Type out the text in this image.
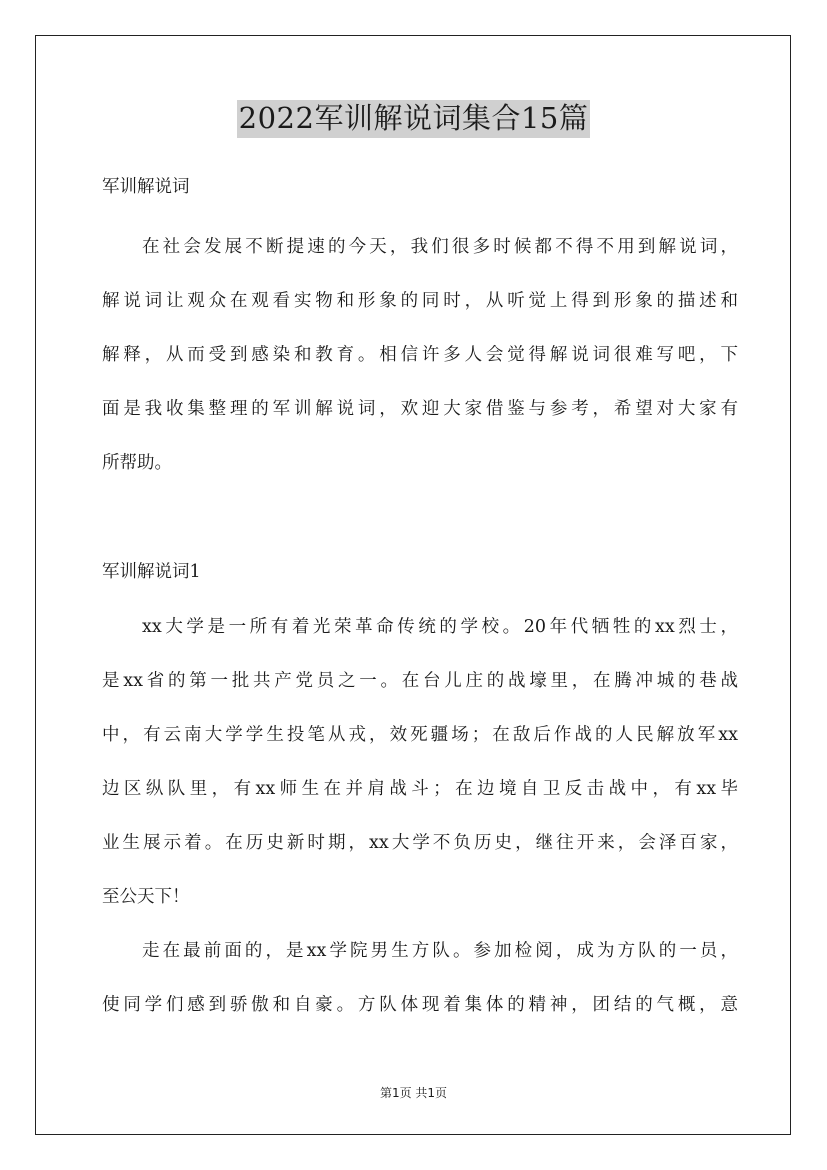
2022军训解说词集合15篇
军训解说词
在社会发展不断提速的今天，我们很多时候都不得不用到解说词，
解说词让观众在观看实物和形象的同时，从听觉上得到形象的描述和
解释，从而受到感染和教育。相信许多人会觉得解说词很难写吧，下
面是我收集整理的军训解说词，欢迎大家借鉴与参考，希望对大家有
所帮助。
军训解说词1
xx大学是一所有着光荣革命传统的学校。20年代牺牲的xx烈士，
是xx省的第一批共产党员之一。在台儿庄的战壕里，在腾冲城的巷战
中，有云南大学学生投笔从戎，效死疆场；在敌后作战的人民解放军xx
边区纵队里，有xx师生在并肩战斗；在边境自卫反击战中，有xx毕
业生展示着。在历史新时期，xx大学不负历史，继往开来，会泽百家，
至公天下！
走在最前面的，是xx学院男生方队。参加检阅，成为方队的一员，
使同学们感到骄傲和自豪。方队体现着集体的精神，团结的气概，意
第1页 共1页
